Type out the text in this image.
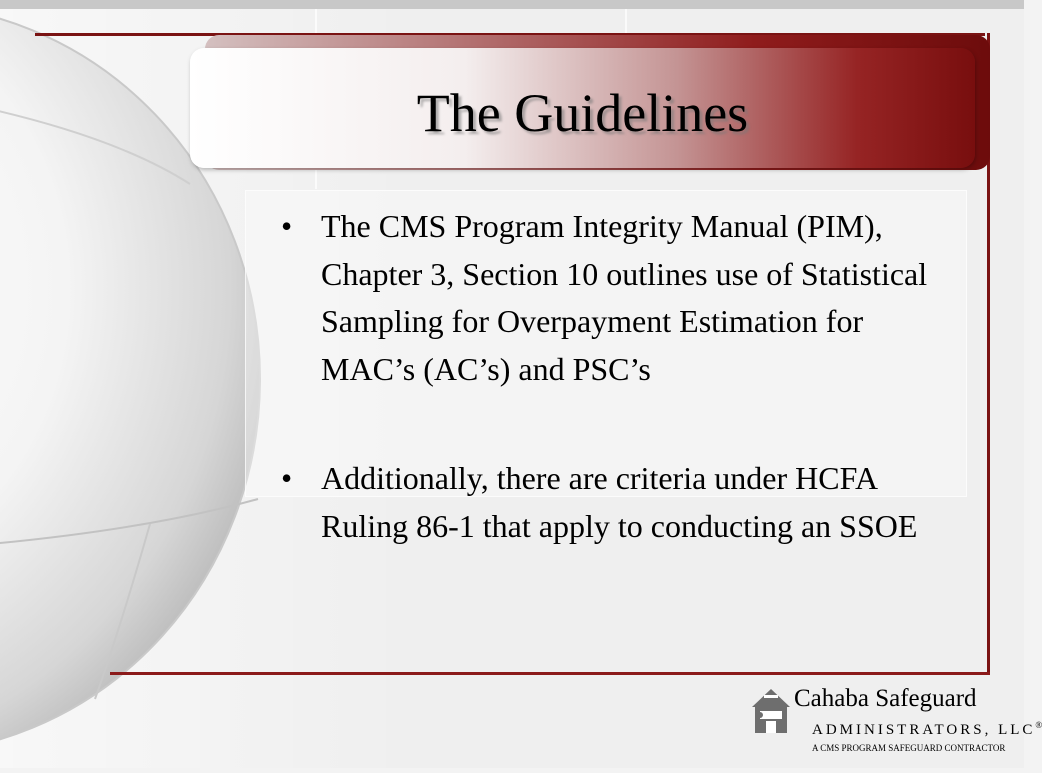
The Guidelines
• The CMS Program Integrity Manual (PIM), Chapter 3, Section 10 outlines use of Statistical Sampling for Overpayment Estimation for MAC’s (AC’s) and PSC’s
• Additionally, there are criteria under HCFA Ruling 86-1 that apply to conducting an SSOE
Cahaba Safeguard
ADMINISTRATORS, LLC®
A CMS PROGRAM SAFEGUARD CONTRACTOR
